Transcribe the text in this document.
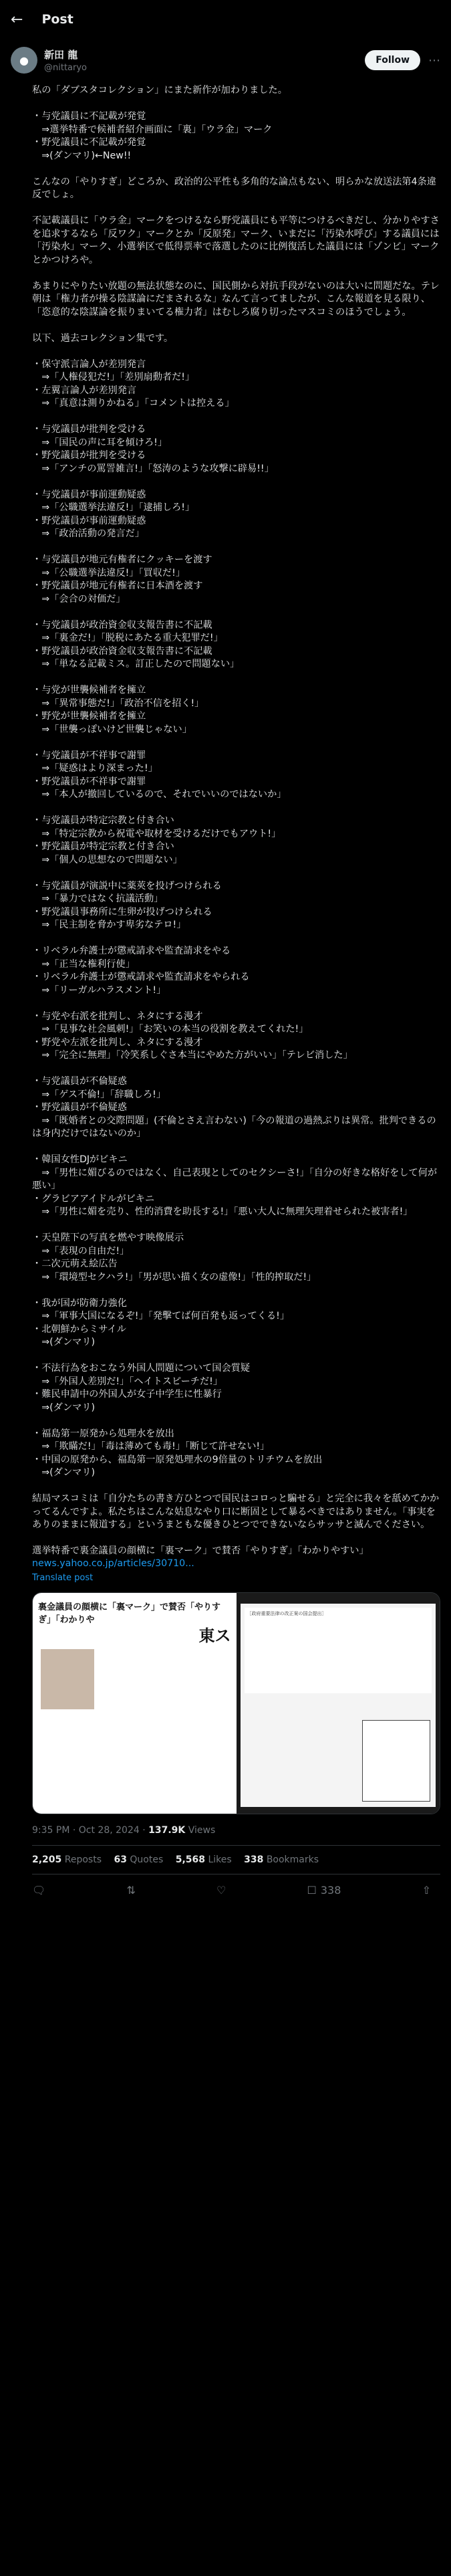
← Post
●	新田 龍
@nittaryo
Follow	⋯
私の「ダブスタコレクション」にまた新作が加わりました。

・与党議員に不記載が発覚
　⇒選挙特番で候補者紹介画面に「裏」「ウラ金」マーク
・野党議員に不記載が発覚
　⇒(ダンマリ)←New!!

こんなの「やりすぎ」どころか、政治的公平性も多角的な論点もない、明らかな放送法第4条違反でしょ。

不記載議員に「ウラ金」マークをつけるなら野党議員にも平等につけるべきだし、分かりやすさを追求するなら「反ワク」マークとか「反原発」マーク、いまだに「汚染水呼び」する議員には「汚染水」マーク、小選挙区で低得票率で落選したのに比例復活した議員には「ゾンビ」マークとかつけろや。

あまりにやりたい放題の無法状態なのに、国民側から対抗手段がないのは大いに問題だな。テレ朝は「権力者が操る陰謀論にだまされるな」なんて言ってましたが、こんな報道を見る限り、「恣意的な陰謀論を振りまいてる権力者」はむしろ腐り切ったマスコミのほうでしょう。

以下、過去コレクション集です。

・保守派言論人が差別発言
　⇒「人権侵犯だ!」「差別扇動者だ!」
・左翼言論人が差別発言
　⇒「真意は測りかねる」「コメントは控える」

・与党議員が批判を受ける
　⇒「国民の声に耳を傾けろ!」
・野党議員が批判を受ける
　⇒「アンチの罵詈雑言!」「怒涛のような攻撃に辟易!!」

・与党議員が事前運動疑惑
　⇒「公職選挙法違反!」「逮捕しろ!」
・野党議員が事前運動疑惑
　⇒「政治活動の発言だ」

・与党議員が地元有権者にクッキーを渡す
　⇒「公職選挙法違反!」「買収だ!」
・野党議員が地元有権者に日本酒を渡す
　⇒「会合の対価だ」

・与党議員が政治資金収支報告書に不記載
　⇒「裏金だ!」「脱税にあたる重大犯罪だ!」
・野党議員が政治資金収支報告書に不記載
　⇒「単なる記載ミス。訂正したので問題ない」

・与党が世襲候補者を擁立
　⇒「異常事態だ!」「政治不信を招く!」
・野党が世襲候補者を擁立
　⇒「世襲っぽいけど世襲じゃない」

・与党議員が不祥事で謝罪
　⇒「疑惑はより深まった!」
・野党議員が不祥事で謝罪
　⇒「本人が撤回しているので、それでいいのではないか」

・与党議員が特定宗教と付き合い
　⇒「特定宗教から祝電や取材を受けるだけでもアウト!」
・野党議員が特定宗教と付き合い
　⇒「個人の思想なので問題ない」

・与党議員が演説中に薬莢を投げつけられる
　⇒「暴力ではなく抗議活動」
・野党議員事務所に生卵が投げつけられる
　⇒「民主制を脅かす卑劣なテロ!」

・リベラル弁護士が懲戒請求や監査請求をやる
　⇒「正当な権利行使」
・リベラル弁護士が懲戒請求や監査請求をやられる
　⇒「リーガルハラスメント!」

・与党や右派を批判し、ネタにする漫才
　⇒「見事な社会風刺!」「お笑いの本当の役割を教えてくれた!」
・野党や左派を批判し、ネタにする漫才
　⇒「完全に無理」「冷笑系しぐさ本当にやめた方がいい」「テレビ消した」

・与党議員が不倫疑惑
　⇒「ゲス不倫!」「辞職しろ!」
・野党議員が不倫疑惑
　⇒「既婚者との交際問題」(不倫とさえ言わない)「今の報道の過熱ぶりは異常。批判できるのは身内だけではないのか」

・韓国女性DJがビキニ
　⇒「男性に媚びるのではなく、自己表現としてのセクシーさ!」「自分の好きな格好をして何が悪い」
・グラビアアイドルがビキニ
　⇒「男性に媚を売り、性的消費を助長する!」「悪い大人に無理矢理着せられた被害者!」

・天皇陛下の写真を燃やす映像展示
　⇒「表現の自由だ!」
・二次元萌え絵広告
　⇒「環境型セクハラ!」「男が思い描く女の虚像!」「性的搾取だ!」

・我が国が防衛力強化
　⇒「軍事大国になるぞ!」「発擊てば何百発も返ってくる!」
・北朝鮮からミサイル
　⇒(ダンマリ)

・不法行為をおこなう外国人問題について国会質疑
　⇒「外国人差別だ!」「ヘイトスピーチだ!」
・難民申請中の外国人が女子中学生に性暴行
　⇒(ダンマリ)

・福島第一原発から処理水を放出
　⇒「欺瞞だ!」「毒は薄めても毒!」「断じて許せない!」
・中国の原発から、福島第一原発処理水の9倍量のトリチウムを放出
　⇒(ダンマリ)

結局マスコミは「自分たちの書き方ひとつで国民はコロっと騙せる」と完全に我々を舐めてかかってるんですよ。私たちはこんな姑息なやり口に断固として暴るべきではありません。「事実をありのままに報道する」というまともな優きひとつでできないならサッサと滅んでください。

選挙特番で裏金議員の顔横に「裏マーク」で賛否「やりすぎ」「わかりやすい」
news.yahoo.co.jp/articles/30710...
Translate post
裏金議員の顔横に「裏マーク」で賛否「やりすぎ」「わかりや
東ス
［政府重要法律の改正案の国会提出］
9:35 PM · Oct 28, 2024 · 137.9K Views
2,205 Reposts 63 Quotes 5,568 Likes 338 Bookmarks
🗨	⇅	♡	☐ 338	⇧
